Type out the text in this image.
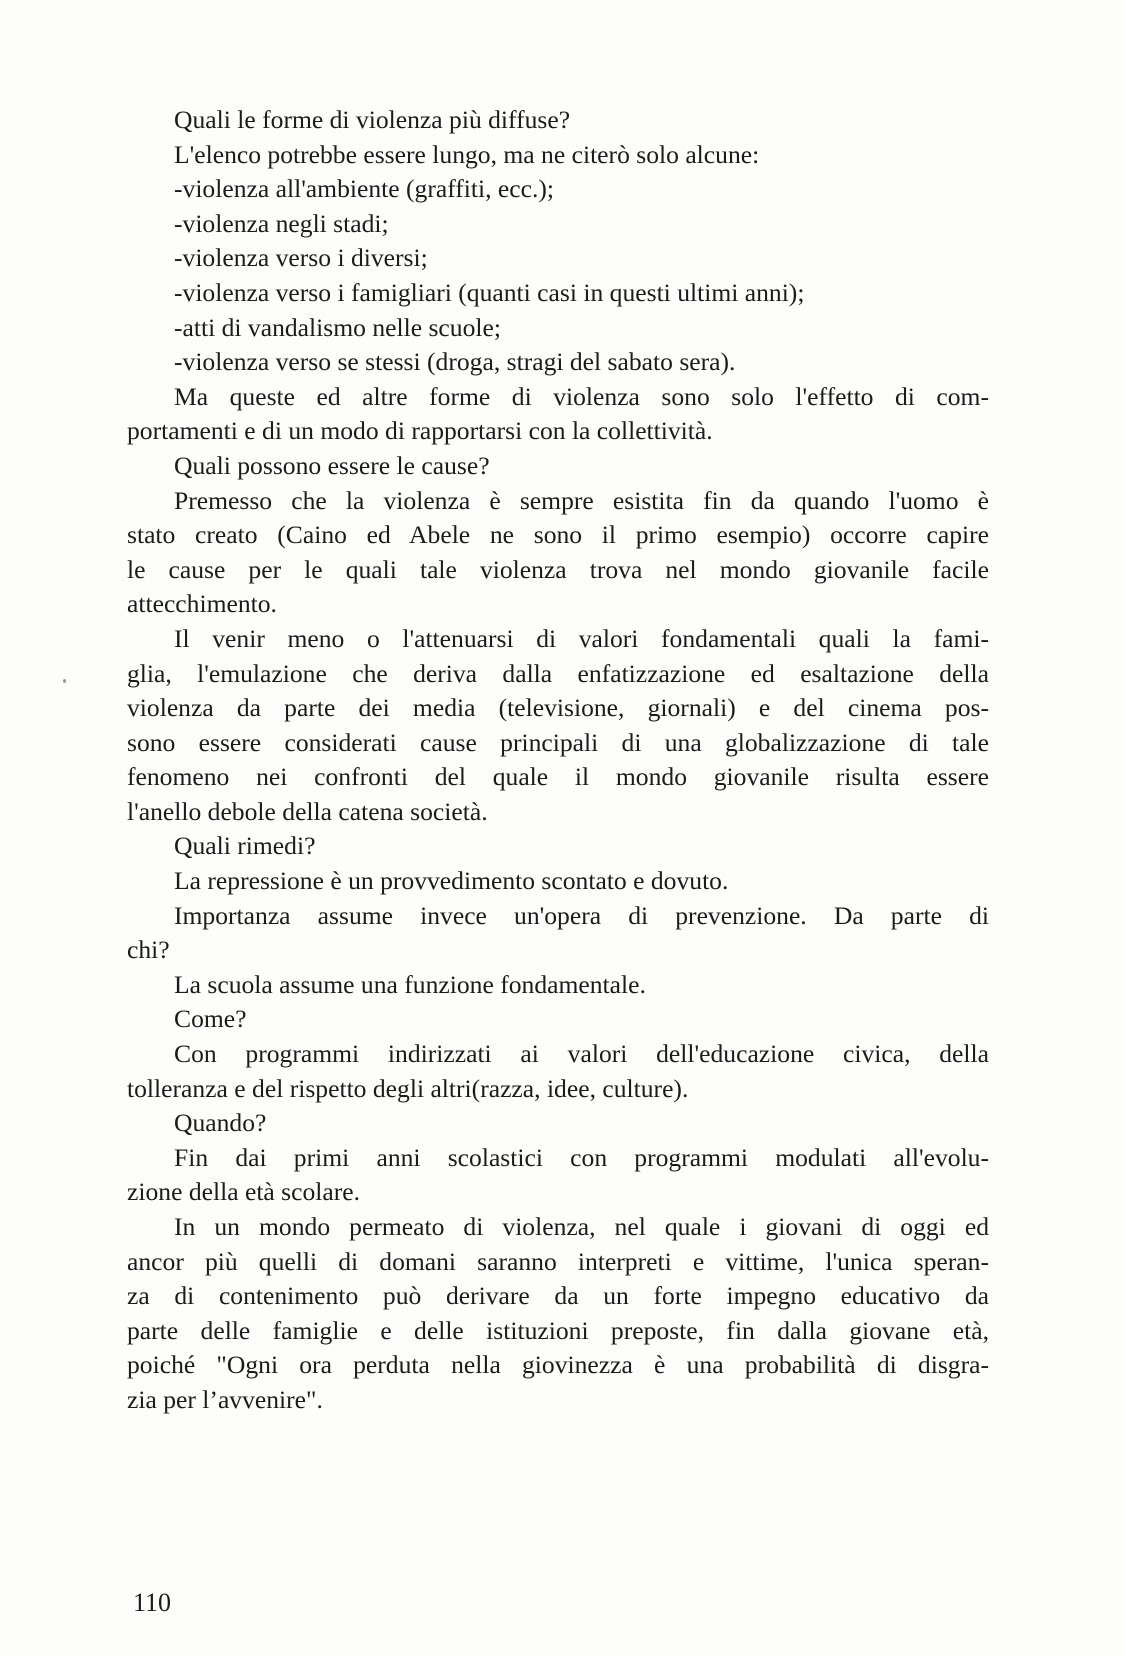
Quali le forme di violenza più diffuse?
L'elenco potrebbe essere lungo, ma ne citerò solo alcune:
-violenza all'ambiente (graffiti, ecc.);
-violenza negli stadi;
-violenza verso i diversi;
-violenza verso i famigliari (quanti casi in questi ultimi anni);
-atti di vandalismo nelle scuole;
-violenza verso se stessi (droga, stragi del sabato sera).
Ma queste ed altre forme di violenza sono solo l'effetto di com-
portamenti e di un modo di rapportarsi con la collettività.
Quali possono essere le cause?
Premesso che la violenza è sempre esistita fin da quando l'uomo è
stato creato (Caino ed Abele ne sono il primo esempio) occorre capire
le cause per le quali tale violenza trova nel mondo giovanile facile
attecchimento.
Il venir meno o l'attenuarsi di valori fondamentali quali la fami-
glia, l'emulazione che deriva dalla enfatizzazione ed esaltazione della
violenza da parte dei media (televisione, giornali) e del cinema pos-
sono essere considerati cause principali di una globalizzazione di tale
fenomeno nei confronti del quale il mondo giovanile risulta essere
l'anello debole della catena società.
Quali rimedi?
La repressione è un provvedimento scontato e dovuto.
Importanza assume invece un'opera di prevenzione. Da parte di
chi?
La scuola assume una funzione fondamentale.
Come?
Con programmi indirizzati ai valori dell'educazione civica, della
tolleranza e del rispetto degli altri(razza, idee, culture).
Quando?
Fin dai primi anni scolastici con programmi modulati all'evolu-
zione della età scolare.
In un mondo permeato di violenza, nel quale i giovani di oggi ed
ancor più quelli di domani saranno interpreti e vittime, l'unica speran-
za di contenimento può derivare da un forte impegno educativo da
parte delle famiglie e delle istituzioni preposte, fin dalla giovane età,
poiché "Ogni ora perduta nella giovinezza è una probabilità di disgra-
zia per l’avvenire".
110
